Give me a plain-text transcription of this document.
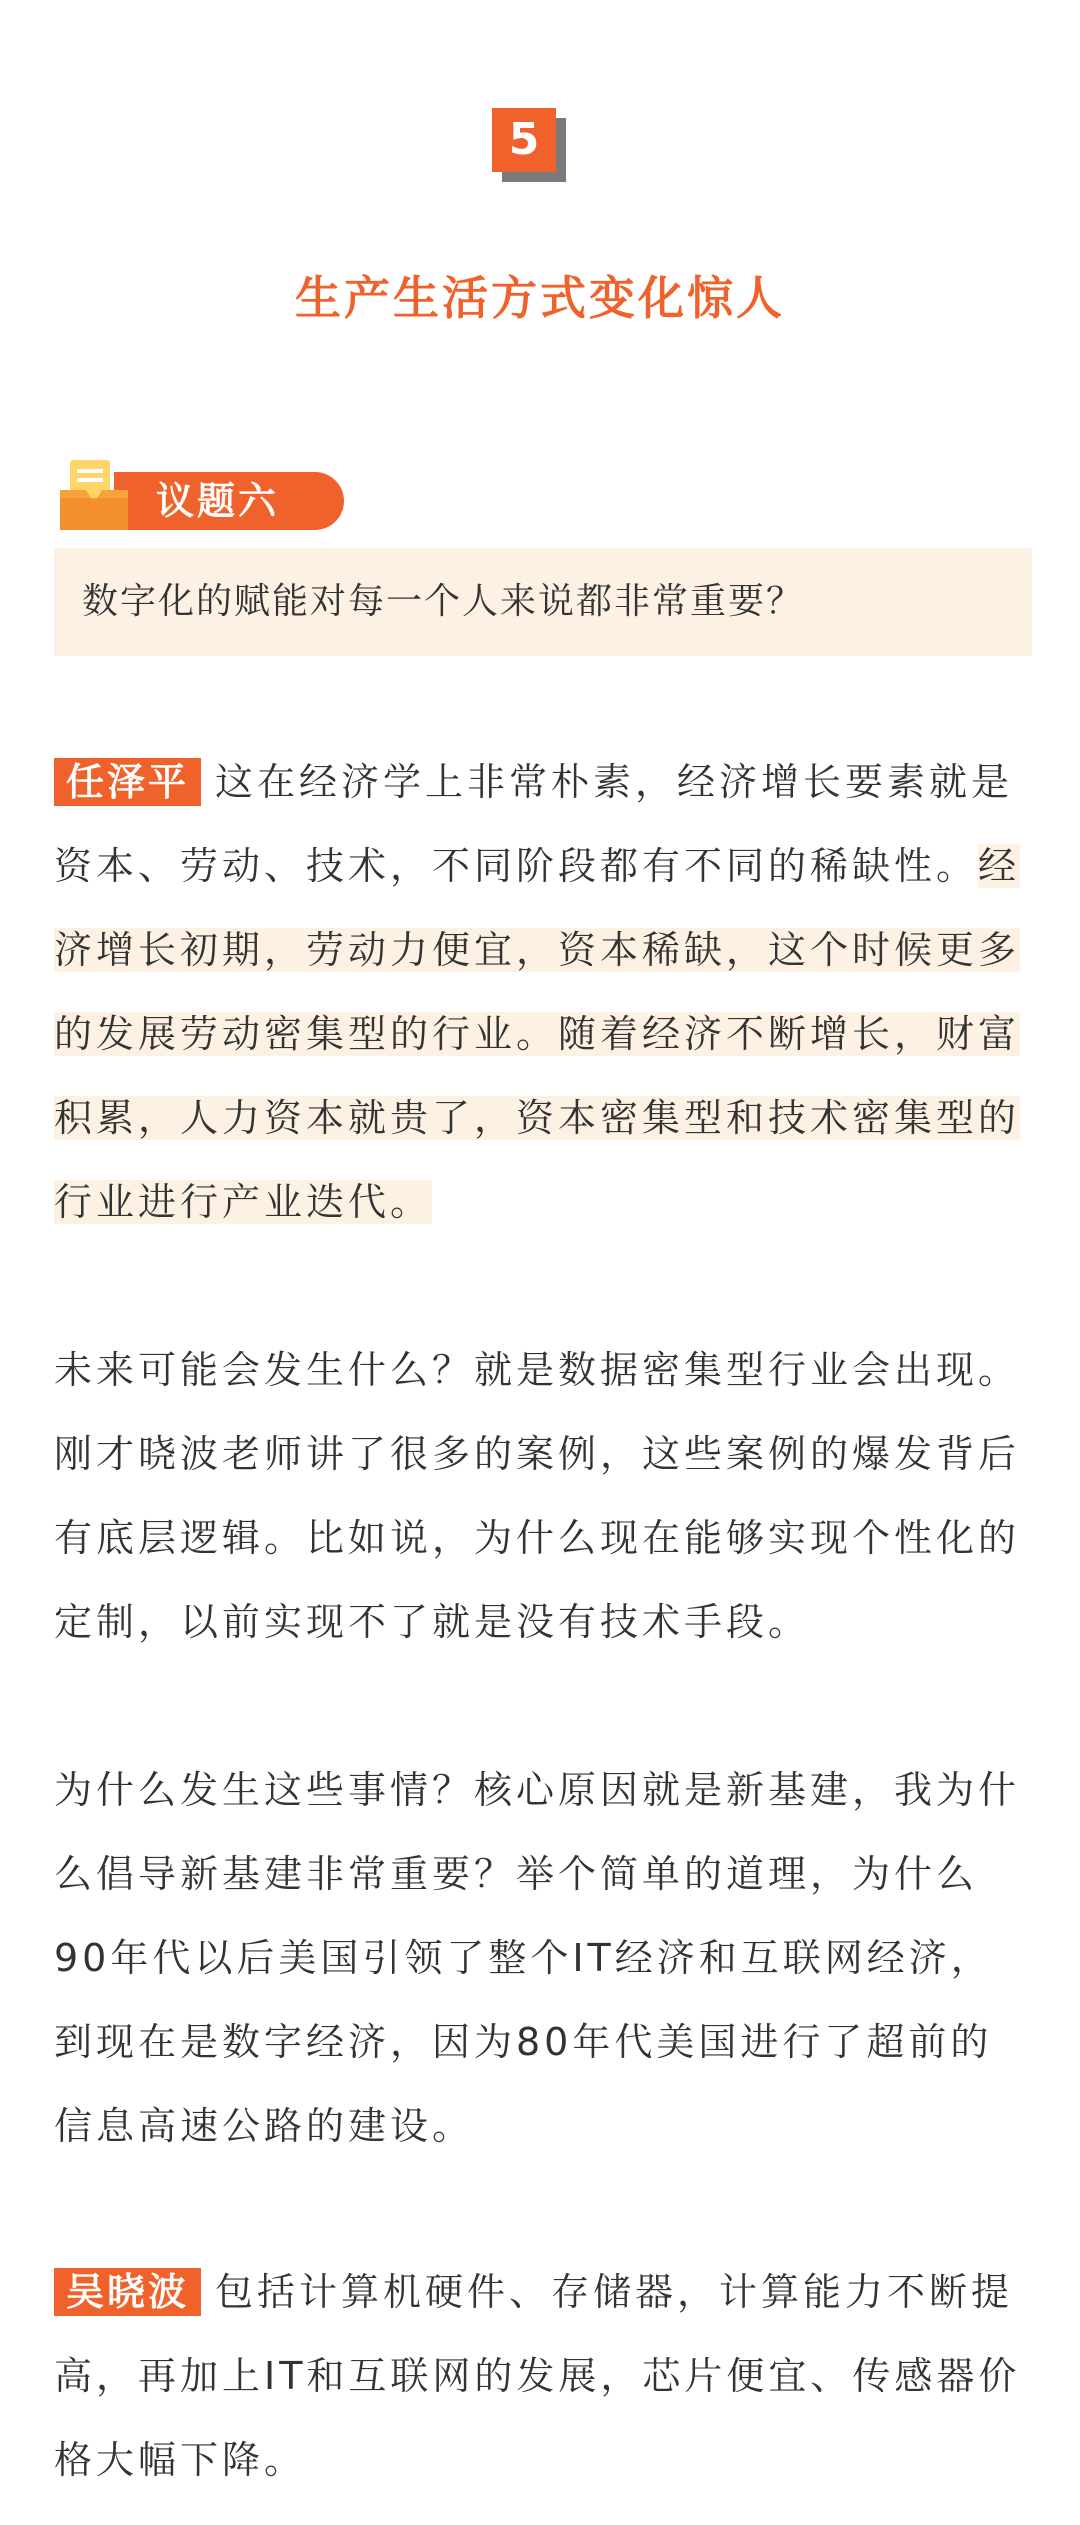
5
生产生活方式变化惊人
议题六
数字化的赋能对每一个人来说都非常重要？

任泽平 这在经济学上非常朴素，经济增长要素就是资本、劳动、技术，不同阶段都有不同的稀缺性。经济增长初期，劳动力便宜，资本稀缺，这个时候更多的发展劳动密集型的行业。随着经济不断增长，财富积累，人力资本就贵了，资本密集型和技术密集型的行业进行产业迭代。

未来可能会发生什么？就是数据密集型行业会出现。刚才晓波老师讲了很多的案例，这些案例的爆发背后有底层逻辑。比如说，为什么现在能够实现个性化的定制，以前实现不了就是没有技术手段。

为什么发生这些事情？核心原因就是新基建，我为什么倡导新基建非常重要？举个简单的道理，为什么90年代以后美国引领了整个IT经济和互联网经济，到现在是数字经济，因为80年代美国进行了超前的信息高速公路的建设。

吴晓波 包括计算机硬件、存储器，计算能力不断提高，再加上IT和互联网的发展，芯片便宜、传感器价格大幅下降。
